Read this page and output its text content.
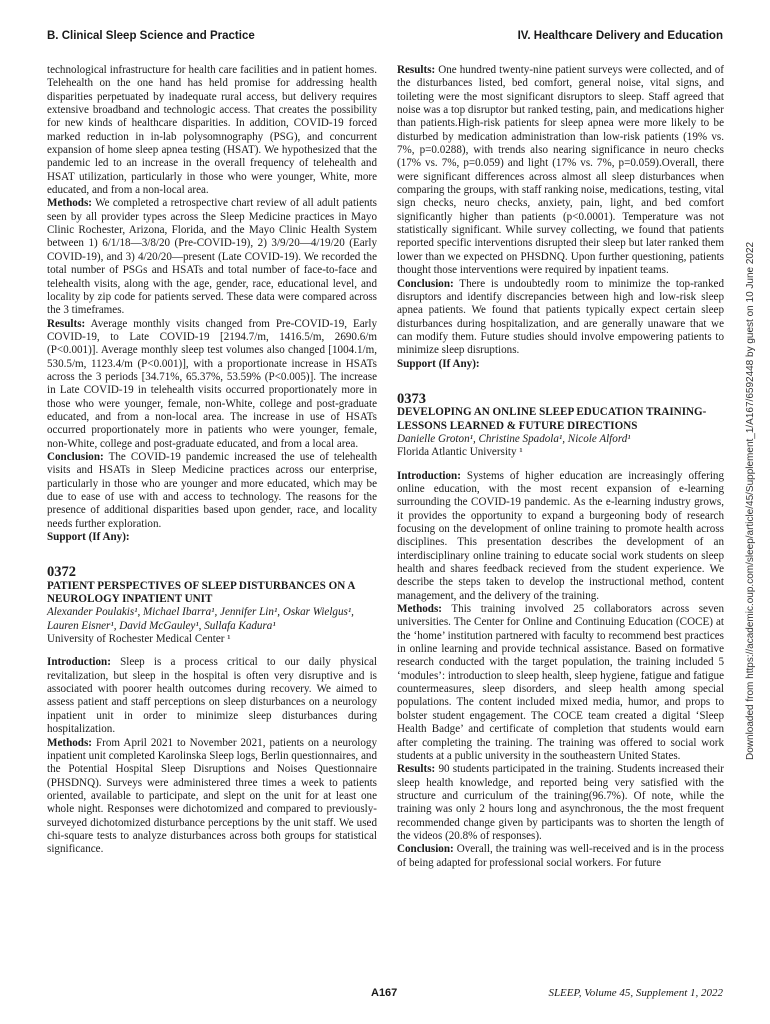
B. Clinical Sleep Science and Practice	IV. Healthcare Delivery and Education

technological infrastructure for health care facilities and in patient homes. Telehealth on the one hand has held promise for addressing health disparities perpetuated by inadequate rural access, but delivery requires extensive broadband and technologic access. That creates the possibility for new kinds of healthcare disparities. In addition, COVID-19 forced marked reduction in in-lab polysomnography (PSG), and concurrent expansion of home sleep apnea testing (HSAT). We hypothesized that the pandemic led to an increase in the overall frequency of telehealth and HSAT utilization, particularly in those who were younger, White, more educated, and from a non-local area.

Methods: We completed a retrospective chart review of all adult patients seen by all provider types across the Sleep Medicine practices in Mayo Clinic Rochester, Arizona, Florida, and the Mayo Clinic Health System between 1) 6/1/18—3/8/20 (Pre-COVID-19), 2) 3/9/20—4/19/20 (Early COVID-19), and 3) 4/20/20—present (Late COVID-19). We recorded the total number of PSGs and HSATs and total number of face-to-face and telehealth visits, along with the age, gender, race, educational level, and locality by zip code for patients served. These data were compared across the 3 timeframes.

Results: Average monthly visits changed from Pre-COVID-19, Early COVID-19, to Late COVID-19 [2194.7/m, 1416.5/m, 2690.6/m (P<0.001)]. Average monthly sleep test volumes also changed [1004.1/m, 530.5/m, 1123.4/m (P<0.001)], with a proportionate increase in HSATs across the 3 periods [34.71%, 65.37%, 53.59% (P<0.005)]. The increase in Late COVID-19 in telehealth visits occurred proportionately more in those who were younger, female, non-White, college and post-graduate educated, and from a non-local area. The increase in use of HSATs occurred proportionately more in patients who were younger, female, non-White, college and post-graduate educated, and from a local area.

Conclusion: The COVID-19 pandemic increased the use of telehealth visits and HSATs in Sleep Medicine practices across our enterprise, particularly in those who are younger and more educated, which may be due to ease of use with and access to technology. The reasons for the presence of additional disparities based upon gender, race, and locality needs further exploration.

Support (If Any):

0372

PATIENT PERSPECTIVES OF SLEEP DISTURBANCES ON A NEUROLOGY INPATIENT UNIT

Alexander Poulakis¹, Michael Ibarra¹, Jennifer Lin¹, Oskar Wielgus¹, Lauren Eisner¹, David McGauley¹, Sullafa Kadura¹

University of Rochester Medical Center ¹

Introduction: Sleep is a process critical to our daily physical revitalization, but sleep in the hospital is often very disruptive and is associated with poorer health outcomes during recovery. We aimed to assess patient and staff perceptions on sleep disturbances on a neurology inpatient unit in order to minimize sleep disturbances during hospitalization.

Methods: From April 2021 to November 2021, patients on a neurology inpatient unit completed Karolinska Sleep logs, Berlin questionnaires, and the Potential Hospital Sleep Disruptions and Noises Questionnaire (PHSDNQ). Surveys were administered three times a week to patients oriented, available to participate, and slept on the unit for at least one whole night. Responses were dichotomized and compared to previously-surveyed dichotomized disturbance perceptions by the unit staff. We used chi-square tests to analyze disturbances across both groups for statistical significance.

Results: One hundred twenty-nine patient surveys were collected, and of the disturbances listed, bed comfort, general noise, vital signs, and toileting were the most significant disruptors to sleep. Staff agreed that noise was a top disruptor but ranked testing, pain, and medications higher than patients.High-risk patients for sleep apnea were more likely to be disturbed by medication administration than low-risk patients (19% vs. 7%, p=0.0288), with trends also nearing significance in neuro checks (17% vs. 7%, p=0.059) and light (17% vs. 7%, p=0.059).Overall, there were significant differences across almost all sleep disturbances when comparing the groups, with staff ranking noise, medications, testing, vital sign checks, neuro checks, anxiety, pain, light, and bed comfort significantly higher than patients (p<0.0001). Temperature was not statistically significant. While survey collecting, we found that patients reported specific interventions disrupted their sleep but later ranked them lower than we expected on PHSDNQ. Upon further questioning, patients thought those interventions were required by inpatient teams.

Conclusion: There is undoubtedly room to minimize the top-ranked disruptors and identify discrepancies between high and low-risk sleep apnea patients. We found that patients typically expect certain sleep disturbances during hospitalization, and are generally unaware that we can modify them. Future studies should involve empowering patients to minimize sleep disruptions.

Support (If Any):

0373

DEVELOPING AN ONLINE SLEEP EDUCATION TRAINING-LESSONS LEARNED & FUTURE DIRECTIONS

Danielle Groton¹, Christine Spadola¹, Nicole Alford¹

Florida Atlantic University ¹

Introduction: Systems of higher education are increasingly offering online education, with the most recent expansion of e-learning surrounding the COVID-19 pandemic. As the e-learning industry grows, it provides the opportunity to expand a burgeoning body of research focusing on the development of online training to promote health across disciplines. This presentation describes the development of an interdisciplinary online training to educate social work students on sleep health and shares feedback recieved from the student experience. We describe the steps taken to develop the instructional method, content management, and the delivery of the training.

Methods: This training involved 25 collaborators across seven universities. The Center for Online and Continuing Education (COCE) at the ‘home’ institution partnered with faculty to recommend best practices in online learning and provide technical assistance. Based on formative research conducted with the target population, the training included 5 ‘modules’: introduction to sleep health, sleep hygiene, fatigue and fatigue countermeasures, sleep disorders, and sleep health among special populations. The content included mixed media, humor, and props to bolster student engagement. The COCE team created a digital ‘Sleep Health Badge’ and certificate of completion that students would earn after completing the training. The training was offered to social work students at a public university in the southeastern United States.

Results: 90 students participated in the training. Students increased their sleep health knowledge, and reported being very satisfied with the structure and curriculum of the training(96.7%). Of note, while the training was only 2 hours long and asynchronous, the the most frequent recommended change given by participants was to shorten the length of the videos (20.8% of responses).

Conclusion: Overall, the training was well-received and is in the process of being adapted for professional social workers. For future

Downloaded from https://academic.oup.com/sleep/article/45/Supplement_1/A167/6592448 by guest on 10 June 2022
A167	SLEEP, Volume 45, Supplement 1, 2022
